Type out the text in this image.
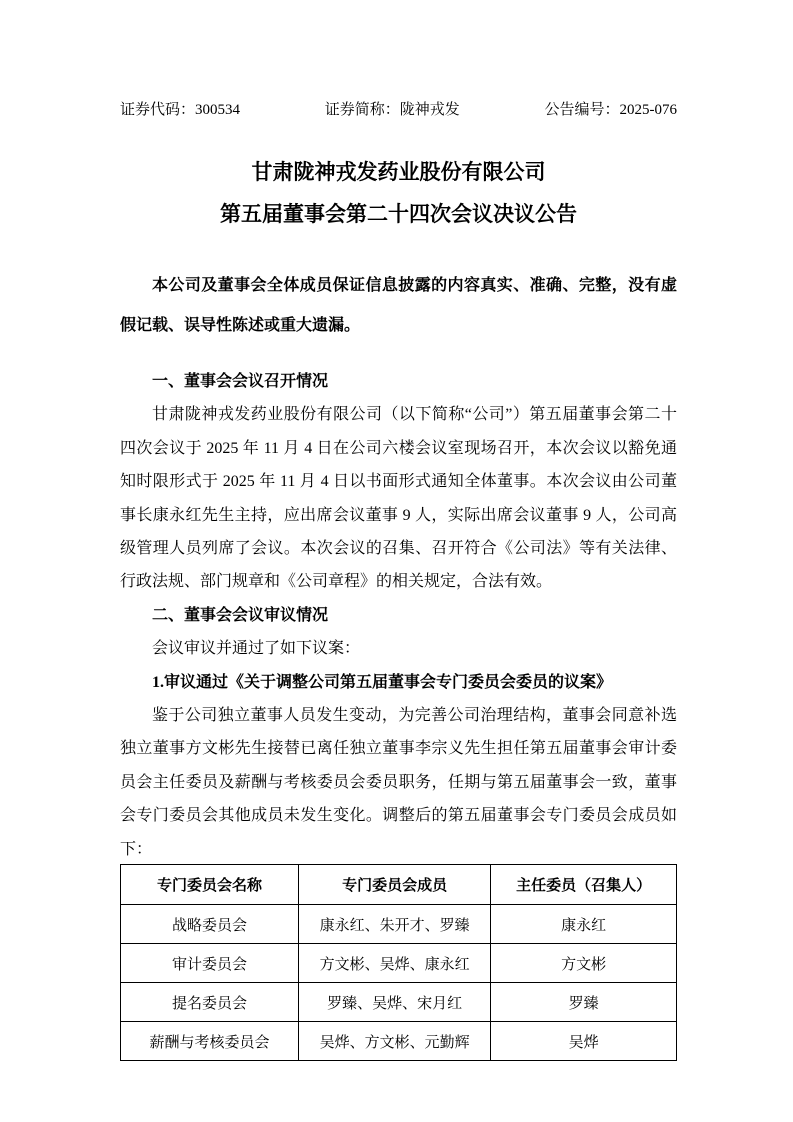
证券代码：300534	证券简称：陇神戎发	公告编号：2025-076
甘肃陇神戎发药业股份有限公司
第五届董事会第二十四次会议决议公告

本公司及董事会全体成员保证信息披露的内容真实、准确、完整，没有虚假记载、误导性陈述或重大遗漏。

一、董事会会议召开情况

甘肃陇神戎发药业股份有限公司（以下简称“公司”）第五届董事会第二十四次会议于 2025 年 11 月 4 日在公司六楼会议室现场召开，本次会议以豁免通知时限形式于 2025 年 11 月 4 日以书面形式通知全体董事。本次会议由公司董事长康永红先生主持，应出席会议董事 9 人，实际出席会议董事 9 人，公司高级管理人员列席了会议。本次会议的召集、召开符合《公司法》等有关法律、行政法规、部门规章和《公司章程》的相关规定，合法有效。

二、董事会会议审议情况
会议审议并通过了如下议案：
1.审议通过《关于调整公司第五届董事会专门委员会委员的议案》

鉴于公司独立董事人员发生变动，为完善公司治理结构，董事会同意补选独立董事方文彬先生接替已离任独立董事李宗义先生担任第五届董事会审计委员会主任委员及薪酬与考核委员会委员职务，任期与第五届董事会一致，董事会专门委员会其他成员未发生变化。调整后的第五届董事会专门委员会成员如下：

专门委员会名称	专门委员会成员	主任委员（召集人）
战略委员会	康永红、朱开才、罗臻	康永红
审计委员会	方文彬、吴烨、康永红	方文彬
提名委员会	罗臻、吴烨、宋月红	罗臻
薪酬与考核委员会	吴烨、方文彬、元勤辉	吴烨
